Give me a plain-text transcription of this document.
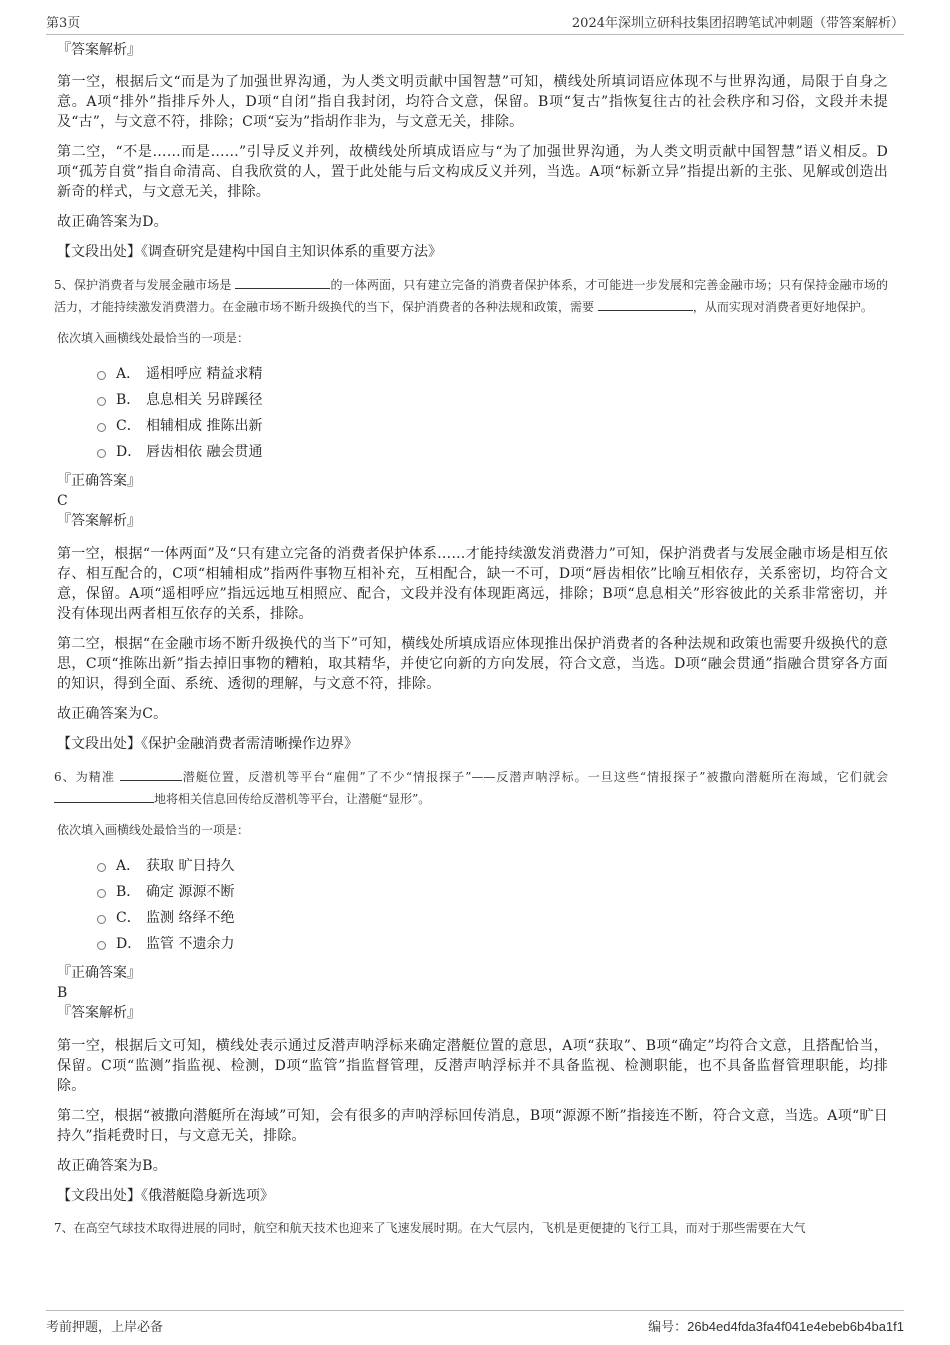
第3页	2024年深圳立研科技集团招聘笔试冲刺题（带答案解析）

『答案解析』

第一空，根据后文“而是为了加强世界沟通，为人类文明贡献中国智慧”可知，横线处所填词语应体现不与世界沟通，局限于自身之意。A项“排外”指排斥外人，D项“自闭”指自我封闭，均符合文意，保留。B项“复古”指恢复往古的社会秩序和习俗，文段并未提及“古”，与文意不符，排除；C项“妄为”指胡作非为，与文意无关，排除。

第二空，“不是……而是……”引导反义并列，故横线处所填成语应与“为了加强世界沟通，为人类文明贡献中国智慧”语义相反。D项“孤芳自赏”指自命清高、自我欣赏的人，置于此处能与后文构成反义并列，当选。A项“标新立异”指提出新的主张、见解或创造出新奇的样式，与文意无关，排除。

故正确答案为D。

【文段出处】《调查研究是建构中国自主知识体系的重要方法》

5、保护消费者与发展金融市场是	的一体两面，只有建立完备的消费者保护体系，才可能进一步发展和完善金融市场；只有保持金融市场的活力，才能持续激发消费潜力。在金融市场不断升级换代的当下，保护消费者的各种法规和政策，需要	，从而实现对消费者更好地保护。

依次填入画横线处最恰当的一项是：

A． 遥相呼应 精益求精
B． 息息相关 另辟蹊径
C． 相辅相成 推陈出新
D． 唇齿相依 融会贯通

『正确答案』

C

『答案解析』

第一空，根据“一体两面”及“只有建立完备的消费者保护体系……才能持续激发消费潜力”可知，保护消费者与发展金融市场是相互依存、相互配合的，C项“相辅相成”指两件事物互相补充，互相配合，缺一不可，D项“唇齿相依”比喻互相依存，关系密切，均符合文意，保留。A项“遥相呼应”指远远地互相照应、配合，文段并没有体现距离远，排除；B项“息息相关”形容彼此的关系非常密切，并没有体现出两者相互依存的关系，排除。

第二空，根据“在金融市场不断升级换代的当下”可知，横线处所填成语应体现推出保护消费者的各种法规和政策也需要升级换代的意思，C项“推陈出新”指去掉旧事物的糟粕，取其精华，并使它向新的方向发展，符合文意，当选。D项“融会贯通”指融合贯穿各方面的知识，得到全面、系统、透彻的理解，与文意不符，排除。

故正确答案为C。

【文段出处】《保护金融消费者需清晰操作边界》

6、为精准	潜艇位置，反潜机等平台“雇佣”了不少“情报探子”——反潜声呐浮标。一旦这些“情报探子”被撒向潜艇所在海域，它们就会 地将相关信息回传给反潜机等平台，让潜艇“显形”。

依次填入画横线处最恰当的一项是：

A． 获取 旷日持久
B． 确定 源源不断
C． 监测 络绎不绝
D． 监管 不遗余力

『正确答案』

B

『答案解析』

第一空，根据后文可知，横线处表示通过反潜声呐浮标来确定潜艇位置的意思，A项“获取”、B项“确定”均符合文意，且搭配恰当，保留。C项“监测”指监视、检测，D项“监管”指监督管理，反潜声呐浮标并不具备监视、检测职能，也不具备监督管理职能，均排除。

第二空，根据“被撒向潜艇所在海域”可知，会有很多的声呐浮标回传消息，B项“源源不断”指接连不断，符合文意，当选。A项“旷日持久”指耗费时日，与文意无关，排除。

故正确答案为B。

【文段出处】《俄潜艇隐身新选项》

7、在高空气球技术取得进展的同时，航空和航天技术也迎来了飞速发展时期。在大气层内，飞机是更便捷的飞行工具，而对于那些需要在大气

考前押题，上岸必备	编号：26b4ed4fda3fa4f041e4ebeb6b4ba1f1
